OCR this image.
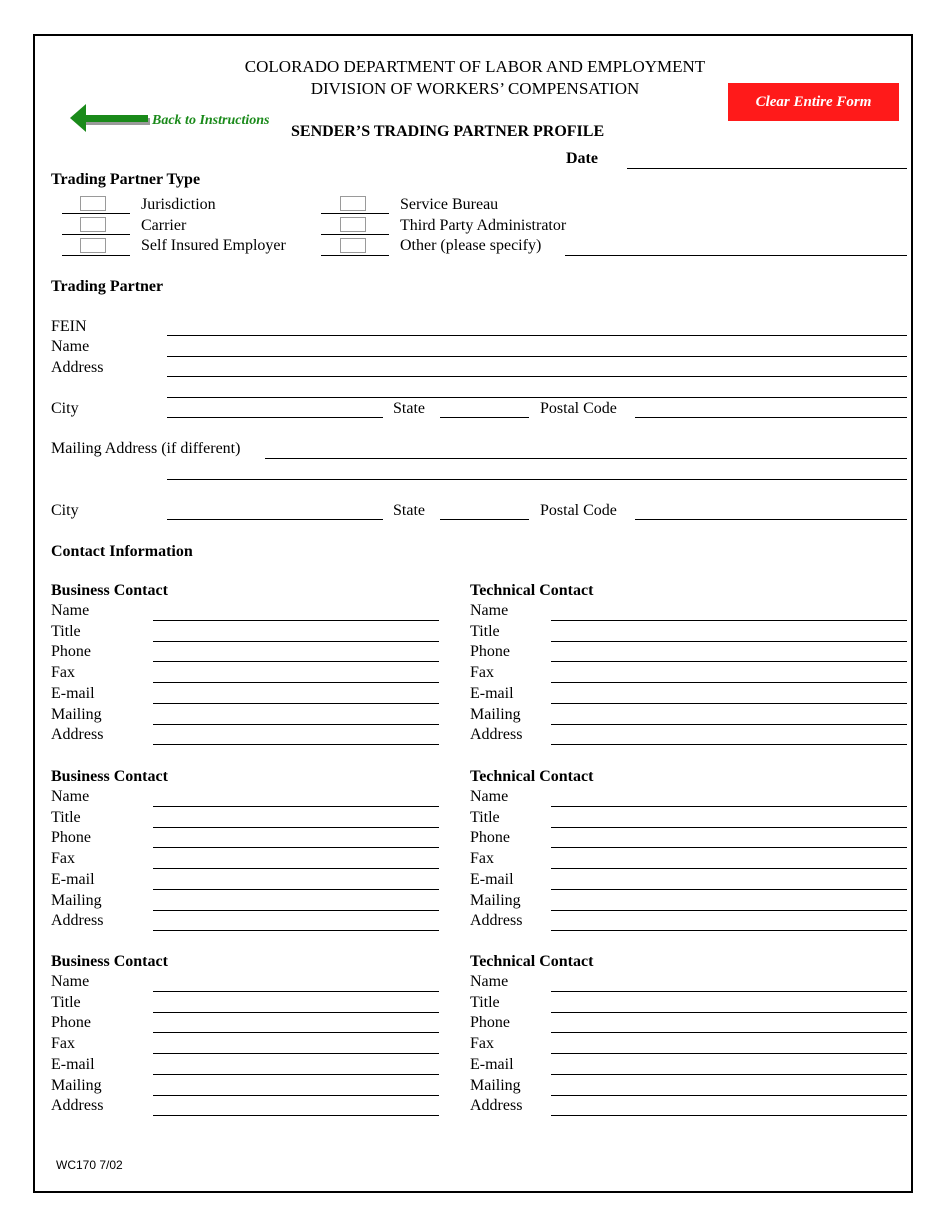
COLORADO DEPARTMENT OF LABOR AND EMPLOYMENT
DIVISION OF WORKERS’ COMPENSATION
Back to Instructions
Clear Entire Form
SENDER’S TRADING PARTNER PROFILE
Date
Trading Partner Type
Jurisdiction
Carrier
Self Insured Employer
Service Bureau
Third Party Administrator
Other (please specify)
Trading Partner
FEIN
Name
Address
City	State	Postal Code
Mailing Address (if different)
City	State	Postal Code
Contact Information
Business Contact
Name
Title
Phone
Fax
E-mail
Mailing
Address
Technical Contact
Name
Title
Phone
Fax
E-mail
Mailing
Address
Business Contact
Name
Title
Phone
Fax
E-mail
Mailing
Address
Technical Contact
Name
Title
Phone
Fax
E-mail
Mailing
Address
Business Contact
Name
Title
Phone
Fax
E-mail
Mailing
Address
Technical Contact
Name
Title
Phone
Fax
E-mail
Mailing
Address
WC170 7/02
